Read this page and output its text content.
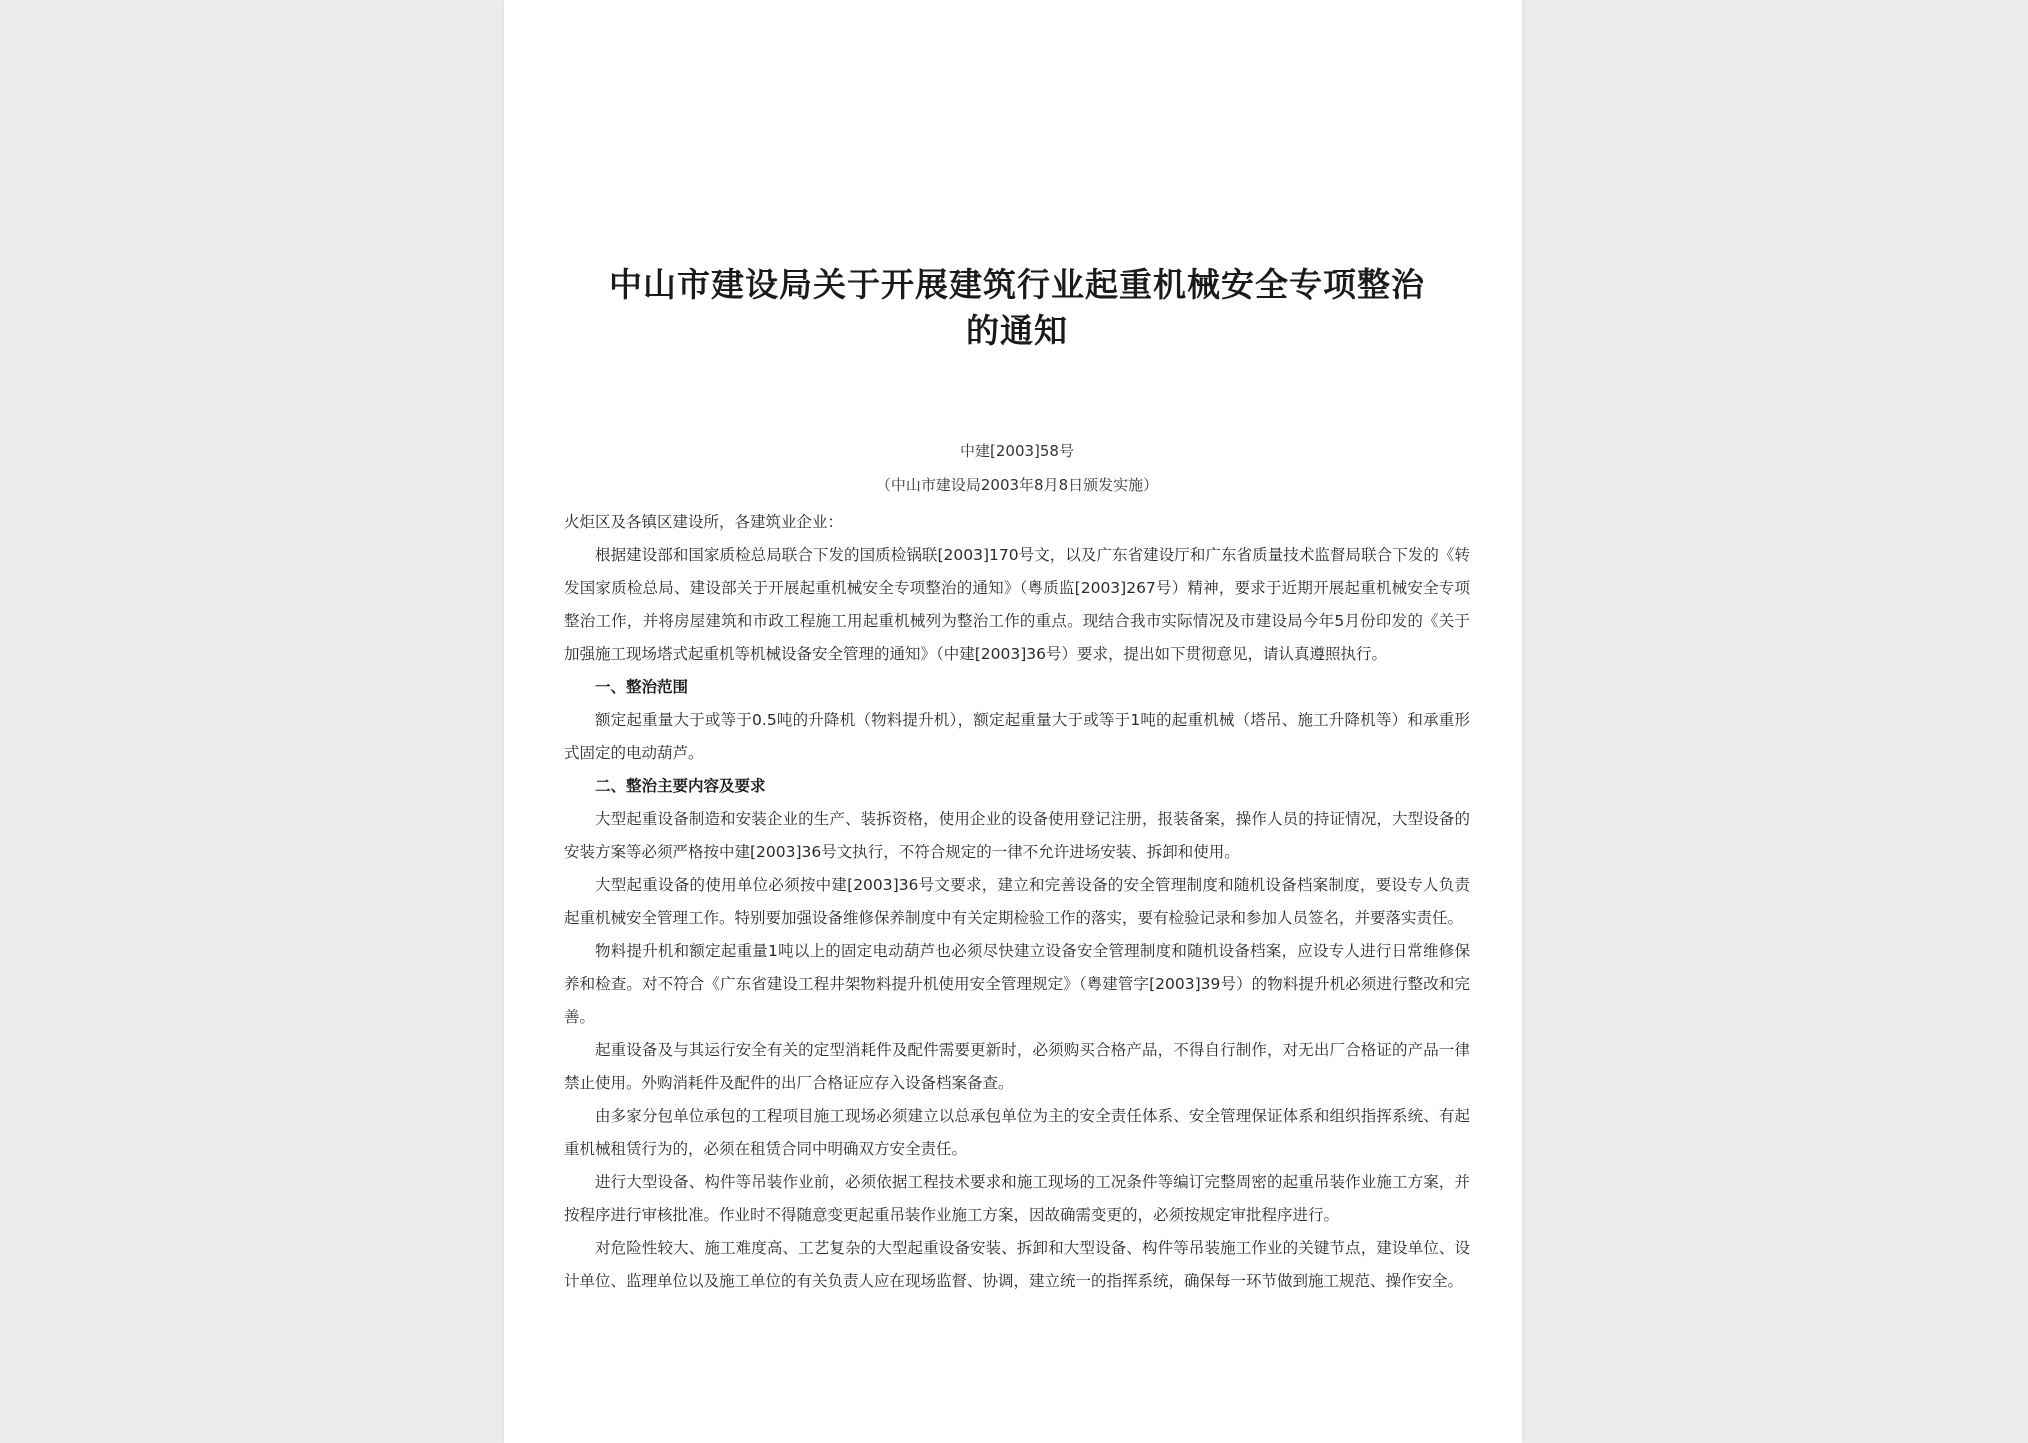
中山市建设局关于开展建筑行业起重机械安全专项整治
的通知
中建[2003]58号
（中山市建设局2003年8月8日颁发实施）

火炬区及各镇区建设所，各建筑业企业：

根据建设部和国家质检总局联合下发的国质检锅联[2003]170号文，以及广东省建设厅和广东省质量技术监督局联合下发的《转发国家质检总局、建设部关于开展起重机械安全专项整治的通知》（粤质监[2003]267号）精神，要求于近期开展起重机械安全专项整治工作，并将房屋建筑和市政工程施工用起重机械列为整治工作的重点。现结合我市实际情况及市建设局今年5月份印发的《关于加强施工现场塔式起重机等机械设备安全管理的通知》（中建[2003]36号）要求，提出如下贯彻意见，请认真遵照执行。

一、整治范围

额定起重量大于或等于0.5吨的升降机（物料提升机），额定起重量大于或等于1吨的起重机械（塔吊、施工升降机等）和承重形式固定的电动葫芦。

二、整治主要内容及要求

大型起重设备制造和安装企业的生产、装拆资格，使用企业的设备使用登记注册，报装备案，操作人员的持证情况，大型设备的安装方案等必须严格按中建[2003]36号文执行，不符合规定的一律不允许进场安装、拆卸和使用。

大型起重设备的使用单位必须按中建[2003]36号文要求，建立和完善设备的安全管理制度和随机设备档案制度，要设专人负责起重机械安全管理工作。特别要加强设备维修保养制度中有关定期检验工作的落实，要有检验记录和参加人员签名，并要落实责任。

物料提升机和额定起重量1吨以上的固定电动葫芦也必须尽快建立设备安全管理制度和随机设备档案，应设专人进行日常维修保养和检查。对不符合《广东省建设工程井架物料提升机使用安全管理规定》（粤建管字[2003]39号）的物料提升机必须进行整改和完善。

起重设备及与其运行安全有关的定型消耗件及配件需要更新时，必须购买合格产品，不得自行制作，对无出厂合格证的产品一律禁止使用。外购消耗件及配件的出厂合格证应存入设备档案备查。

由多家分包单位承包的工程项目施工现场必须建立以总承包单位为主的安全责任体系、安全管理保证体系和组织指挥系统、有起重机械租赁行为的，必须在租赁合同中明确双方安全责任。

进行大型设备、构件等吊装作业前，必须依据工程技术要求和施工现场的工况条件等编订完整周密的起重吊装作业施工方案，并按程序进行审核批准。作业时不得随意变更起重吊装作业施工方案，因故确需变更的，必须按规定审批程序进行。

对危险性较大、施工难度高、工艺复杂的大型起重设备安装、拆卸和大型设备、构件等吊装施工作业的关键节点，建设单位、设计单位、监理单位以及施工单位的有关负责人应在现场监督、协调，建立统一的指挥系统，确保每一环节做到施工规范、操作安全。
